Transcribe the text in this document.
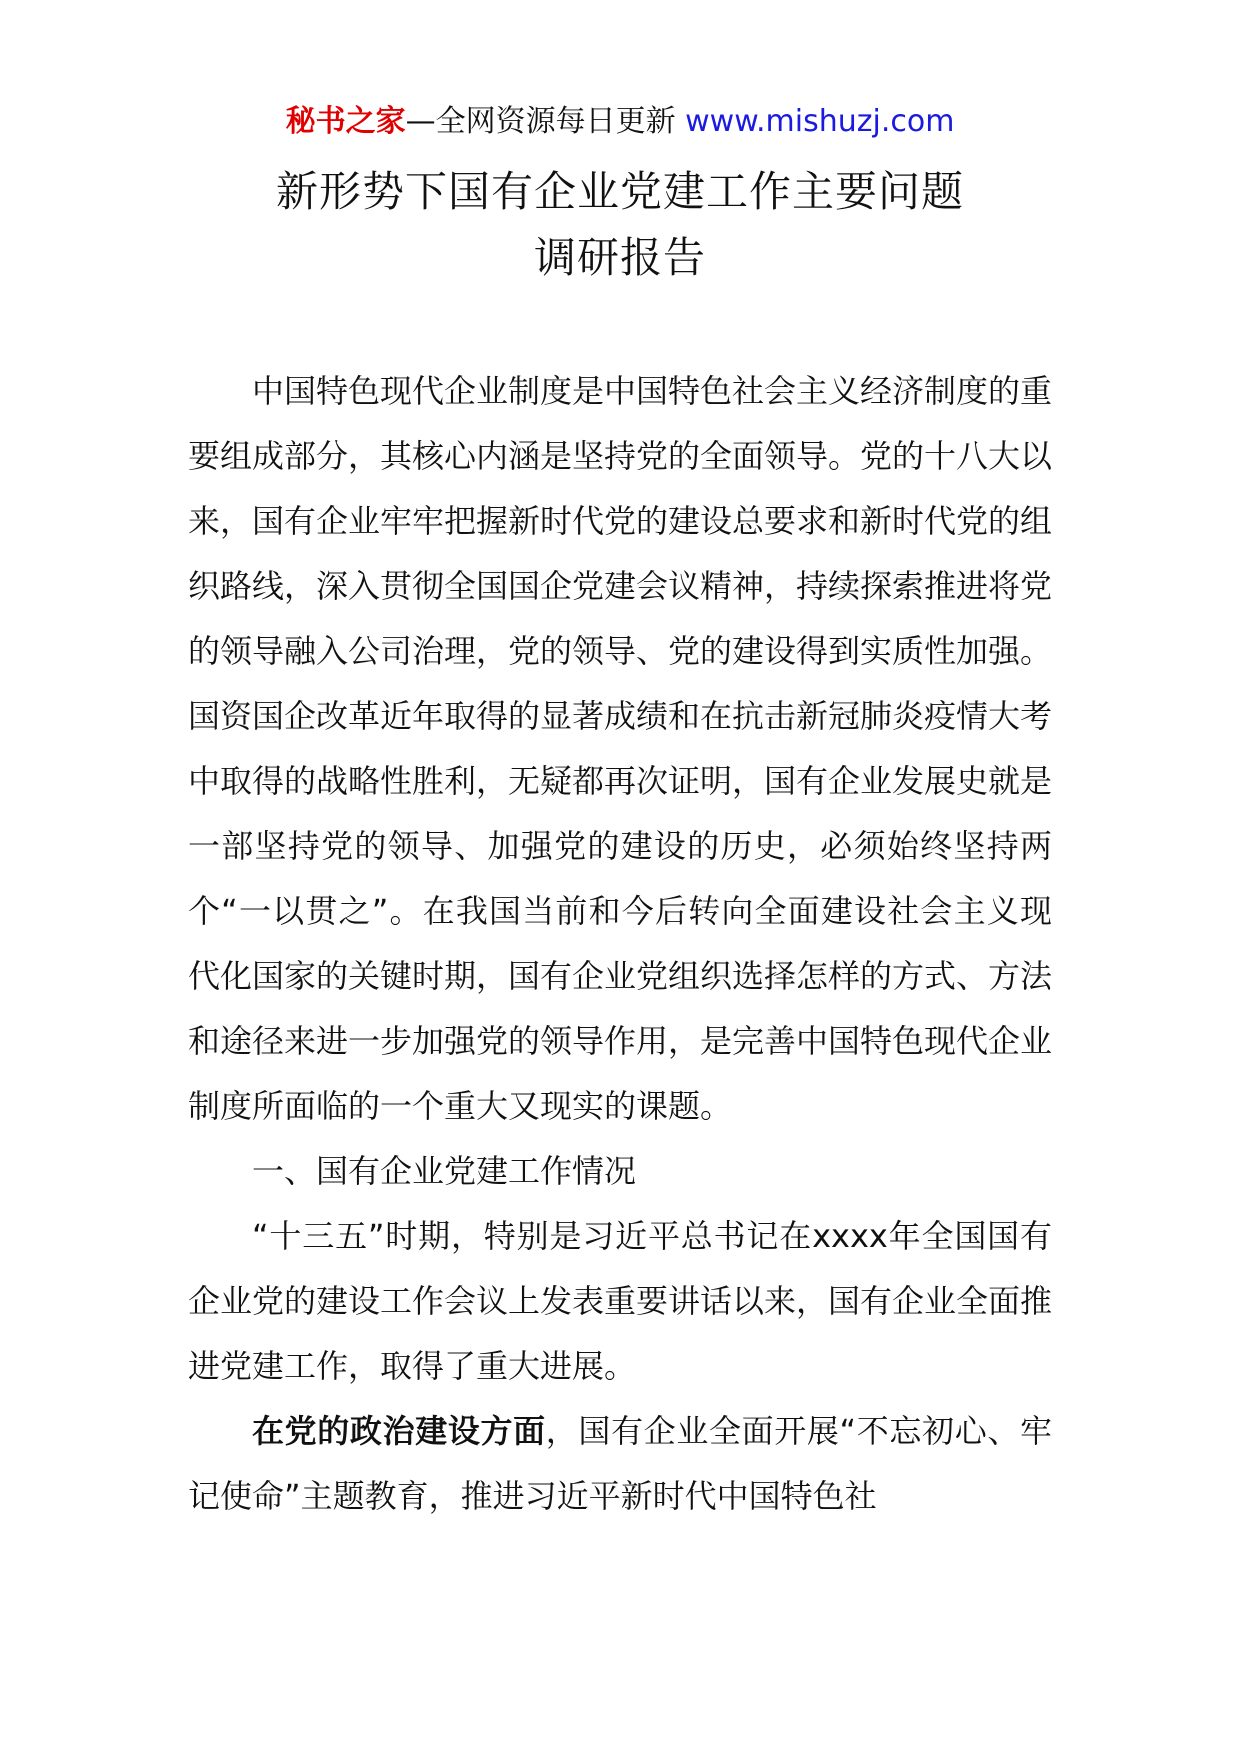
秘书之家—全网资源每日更新 www.mishuzj.com
新形势下国有企业党建工作主要问题
调研报告

中国特色现代企业制度是中国特色社会主义经济制度的重要组成部分，其核心内涵是坚持党的全面领导。党的十八大以来，国有企业牢牢把握新时代党的建设总要求和新时代党的组织路线，深入贯彻全国国企党建会议精神，持续探索推进将党的领导融入公司治理，党的领导、党的建设得到实质性加强。国资国企改革近年取得的显著成绩和在抗击新冠肺炎疫情大考中取得的战略性胜利，无疑都再次证明，国有企业发展史就是一部坚持党的领导、加强党的建设的历史，必须始终坚持两个“一以贯之”。在我国当前和今后转向全面建设社会主义现代化国家的关键时期，国有企业党组织选择怎样的方式、方法和途径来进一步加强党的领导作用，是完善中国特色现代企业制度所面临的一个重大又现实的课题。

一、国有企业党建工作情况

“十三五”时期，特别是习近平总书记在xxxx年全国国有企业党的建设工作会议上发表重要讲话以来，国有企业全面推进党建工作，取得了重大进展。

在党的政治建设方面，国有企业全面开展“不忘初心、牢记使命”主题教育，推进习近平新时代中国特色社
